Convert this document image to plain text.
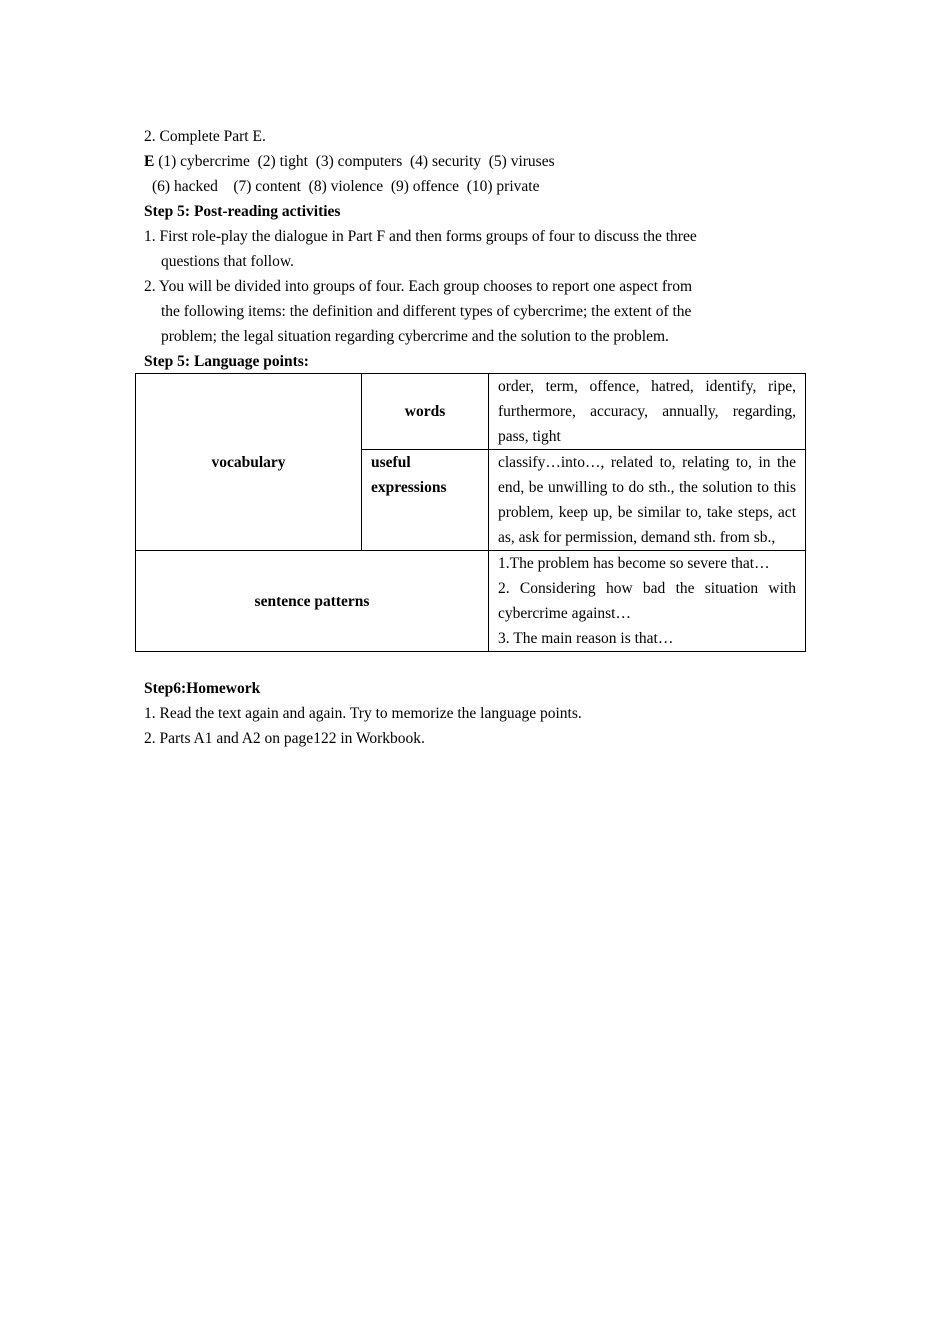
2. Complete Part E.
E (1) cybercrime  (2) tight  (3) computers  (4) security  (5) viruses
(6) hacked    (7) content  (8) violence  (9) offence  (10) private
Step 5: Post-reading activities
1. First role-play the dialogue in Part F and then forms groups of four to discuss the three
questions that follow.
2. You will be divided into groups of four. Each group chooses to report one aspect from
the following items: the definition and different types of cybercrime; the extent of the
problem; the legal situation regarding cybercrime and the solution to the problem.
Step 5: Language points:
vocabulary	words	order, term, offence, hatred, identify, ripe, furthermore, accuracy, annually, regarding, pass, tight

	useful
expressions	classify…into…, related to, relating to, in the end, be unwilling to do sth., the solution to this problem, keep up, be similar to, take steps, act as, ask for permission, demand sth. from sb.,
sentence patterns		1.The problem has become so severe that…
2. Considering how bad the situation with cybercrime against…
3. The main reason is that…
Step6:Homework
1. Read the text again and again. Try to memorize the language points.
2. Parts A1 and A2 on page122 in Workbook.
